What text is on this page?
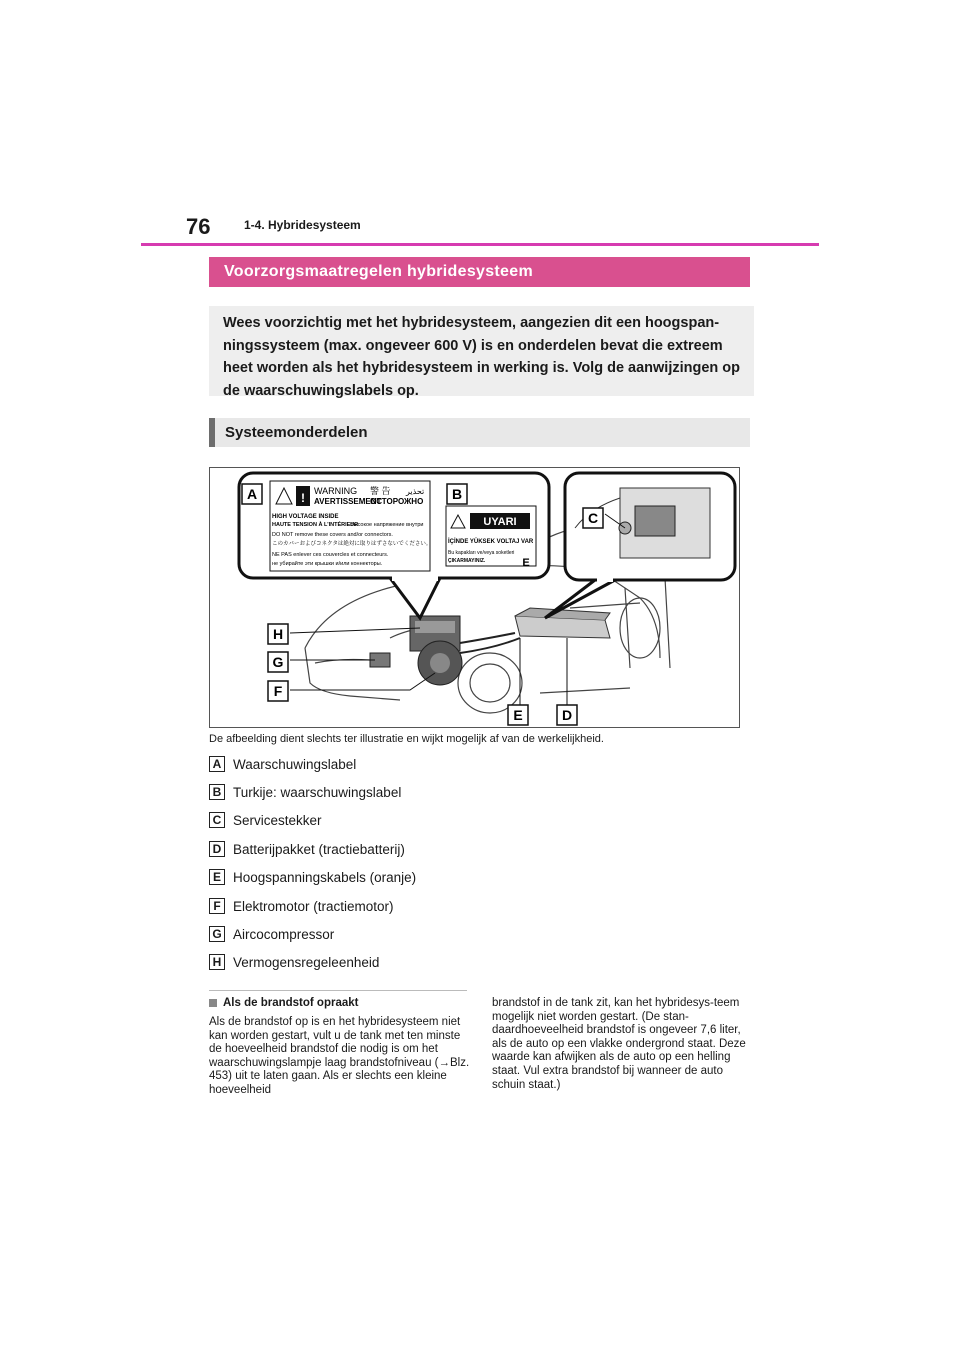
76	1-4. Hybridesysteem
Voorzorgsmaatregelen hybridesysteem
Wees voorzichtig met het hybridesysteem, aangezien dit een hoogspan-ningssysteem (max. ongeveer 600 V) is en onderdelen bevat die extreem heet worden als het hybridesysteem in werking is. Volg de aanwijzingen op de waarschuwingslabels op.
Systeemonderdelen
! WARNING 警 告 تحذير
AVERTISSEMENT
ОСТОРОЖНО
HIGH VOLTAGE INSIDE
HAUTE TENSION À L'INTÉRIEUR
Высокое напряжение внутри
DO NOT remove these covers and/or connectors.
このカバーおよびコネクタは絶対に取りはずさないでください。
NE PAS enlever ces couvercles et connecteurs.
не убирайте эти крышки и/или коннекторы.
UYARI
İÇİNDE YÜKSEK VOLTAJ VAR
Bu kapakları ve/veya soketleri
ÇIKARMAYINIZ.
A	B
C
E
D
E
F
G
H
De afbeelding dient slechts ter illustratie en wijkt mogelijk af van de werkelijkheid.
A Waarschuwingslabel
B Turkije: waarschuwingslabel
C Servicestekker
D Batterijpakket (tractiebatterij)
E Hoogspanningskabels (oranje)
F Elektromotor (tractiemotor)
G Aircocompressor
H Vermogensregeleenheid
Als de brandstof opraakt
Als de brandstof op is en het hybridesysteem niet kan worden gestart, vult u de tank met ten minste de hoeveelheid brandstof die nodig is om het waarschuwingslampje laag brandstofniveau (→Blz. 453) uit te laten gaan. Als er slechts een kleine hoeveelheid
brandstof in de tank zit, kan het hybridesys-teem mogelijk niet worden gestart. (De stan-daardhoeveelheid brandstof is ongeveer 7,6 liter, als de auto op een vlakke ondergrond staat. Deze waarde kan afwijken als de auto op een helling staat. Vul extra brandstof bij wanneer de auto schuin staat.)
